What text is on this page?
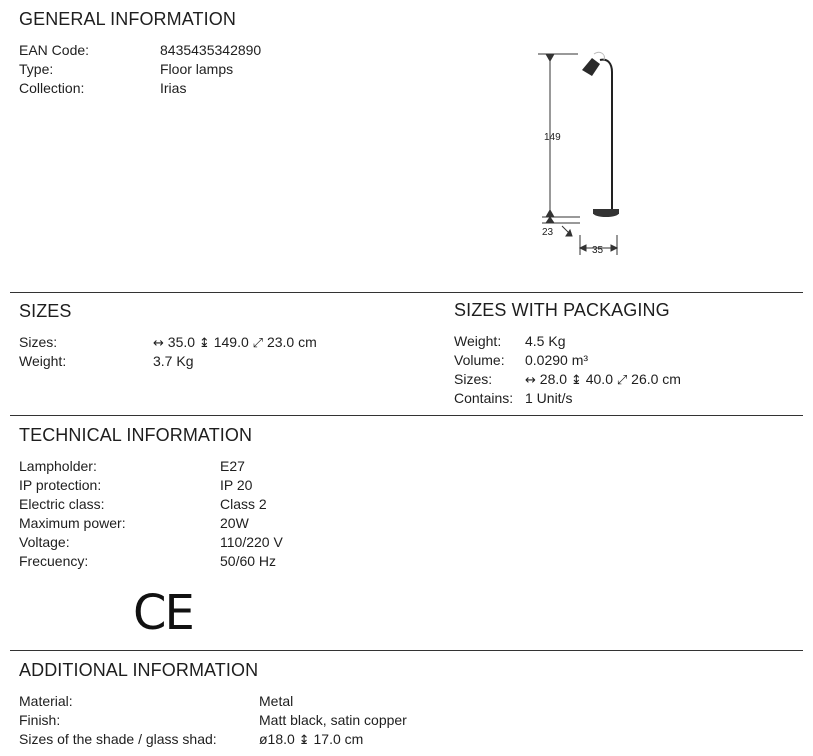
GENERAL INFORMATION
EAN Code:	8435435342890
Type:	Floor lamps
Collection:	Irias
149
23
35
SIZES
Sizes:	↔ 35.0 ↨ 149.0 ⤢ 23.0 cm
Weight:	3.7 Kg
SIZES WITH PACKAGING
Weight: 4.5 Kg
Volume: 0.0290 m³
Sizes:	↔ 28.0 ↨ 40.0 ⤢ 26.0 cm
Contains: 1 Unit/s
TECHNICAL INFORMATION
Lampholder:	E27
IP protection:	IP 20
Electric class:	Class 2
Maximum power:	20W
Voltage:	110/220 V
Frecuency:	50/60 Hz
CE
ADDITIONAL INFORMATION
Material:	Metal
Finish:	Matt black, satin copper
Sizes of the shade / glass shad:	ø18.0 ↨ 17.0 cm
